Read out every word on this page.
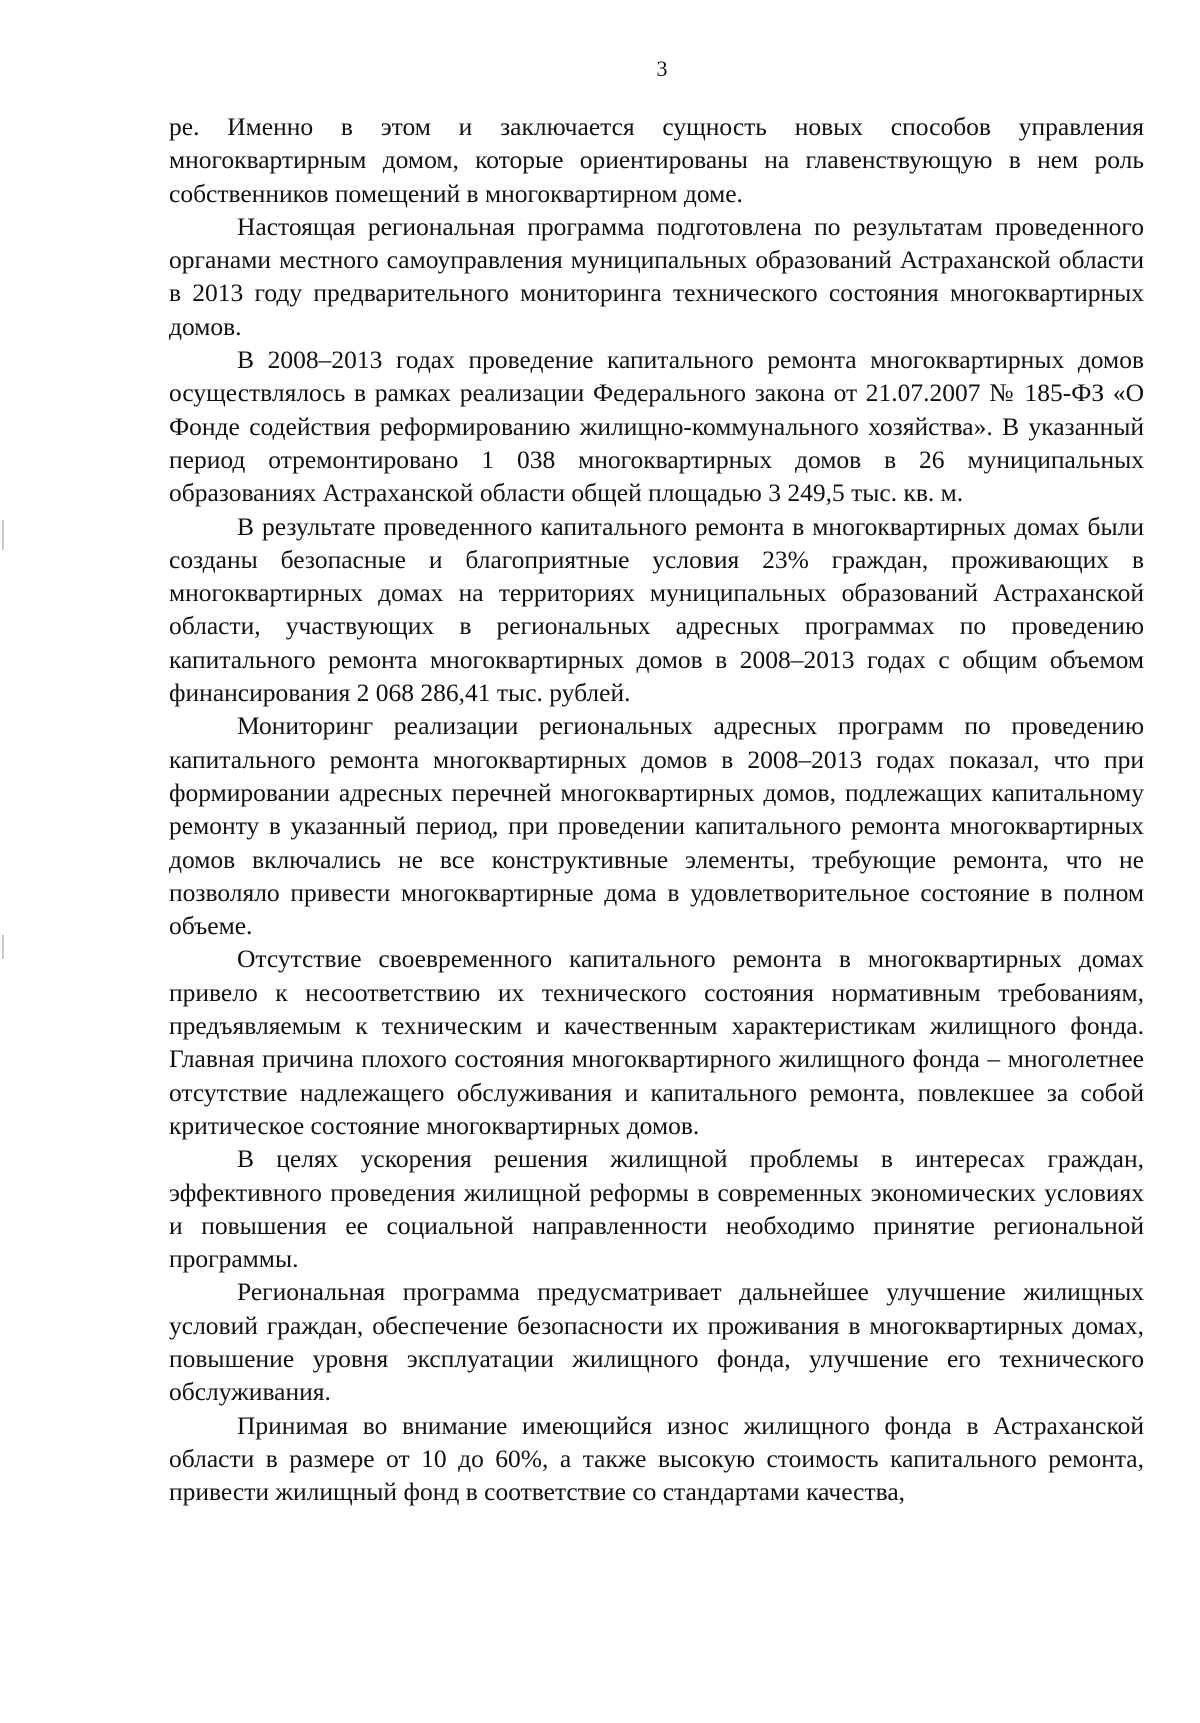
3

ре. Именно в этом и заключается сущность новых способов управления многоквартирным домом, которые ориентированы на главенствующую в нем роль собственников помещений в многоквартирном доме.

Настоящая региональная программа подготовлена по результатам проведенного органами местного самоуправления муниципальных образований Астраханской области в 2013 году предварительного мониторинга технического состояния многоквартирных домов.

В 2008–2013 годах проведение капитального ремонта многоквартирных домов осуществлялось в рамках реализации Федерального закона от 21.07.2007 № 185-ФЗ «О Фонде содействия реформированию жилищно-коммунального хозяйства». В указанный период отремонтировано 1 038 многоквартирных домов в 26 муниципальных образованиях Астраханской области общей площадью 3 249,5 тыс. кв. м.

В результате проведенного капитального ремонта в многоквартирных домах были созданы безопасные и благоприятные условия 23% граждан, проживающих в многоквартирных домах на территориях муниципальных образований Астраханской области, участвующих в региональных адресных программах по проведению капитального ремонта многоквартирных домов в 2008–2013 годах с общим объемом финансирования 2 068 286,41 тыс. рублей.

Мониторинг реализации региональных адресных программ по проведению капитального ремонта многоквартирных домов в 2008–2013 годах показал, что при формировании адресных перечней многоквартирных домов, подлежащих капитальному ремонту в указанный период, при проведении капитального ремонта многоквартирных домов включались не все конструктивные элементы, требующие ремонта, что не позволяло привести многоквартирные дома в удовлетворительное состояние в полном объеме.

Отсутствие своевременного капитального ремонта в многоквартирных домах привело к несоответствию их технического состояния нормативным требованиям, предъявляемым к техническим и качественным характеристикам жилищного фонда. Главная причина плохого состояния многоквартирного жилищного фонда – многолетнее отсутствие надлежащего обслуживания и капитального ремонта, повлекшее за собой критическое состояние многоквартирных домов.

В целях ускорения решения жилищной проблемы в интересах граждан, эффективного проведения жилищной реформы в современных экономических условиях и повышения ее социальной направленности необходимо принятие региональной программы.

Региональная программа предусматривает дальнейшее улучшение жилищных условий граждан, обеспечение безопасности их проживания в многоквартирных домах, повышение уровня эксплуатации жилищного фонда, улучшение его технического обслуживания.

Принимая во внимание имеющийся износ жилищного фонда в Астраханской области в размере от 10 до 60%, а также высокую стоимость капитального ремонта, привести жилищный фонд в соответствие со стандартами качества,
